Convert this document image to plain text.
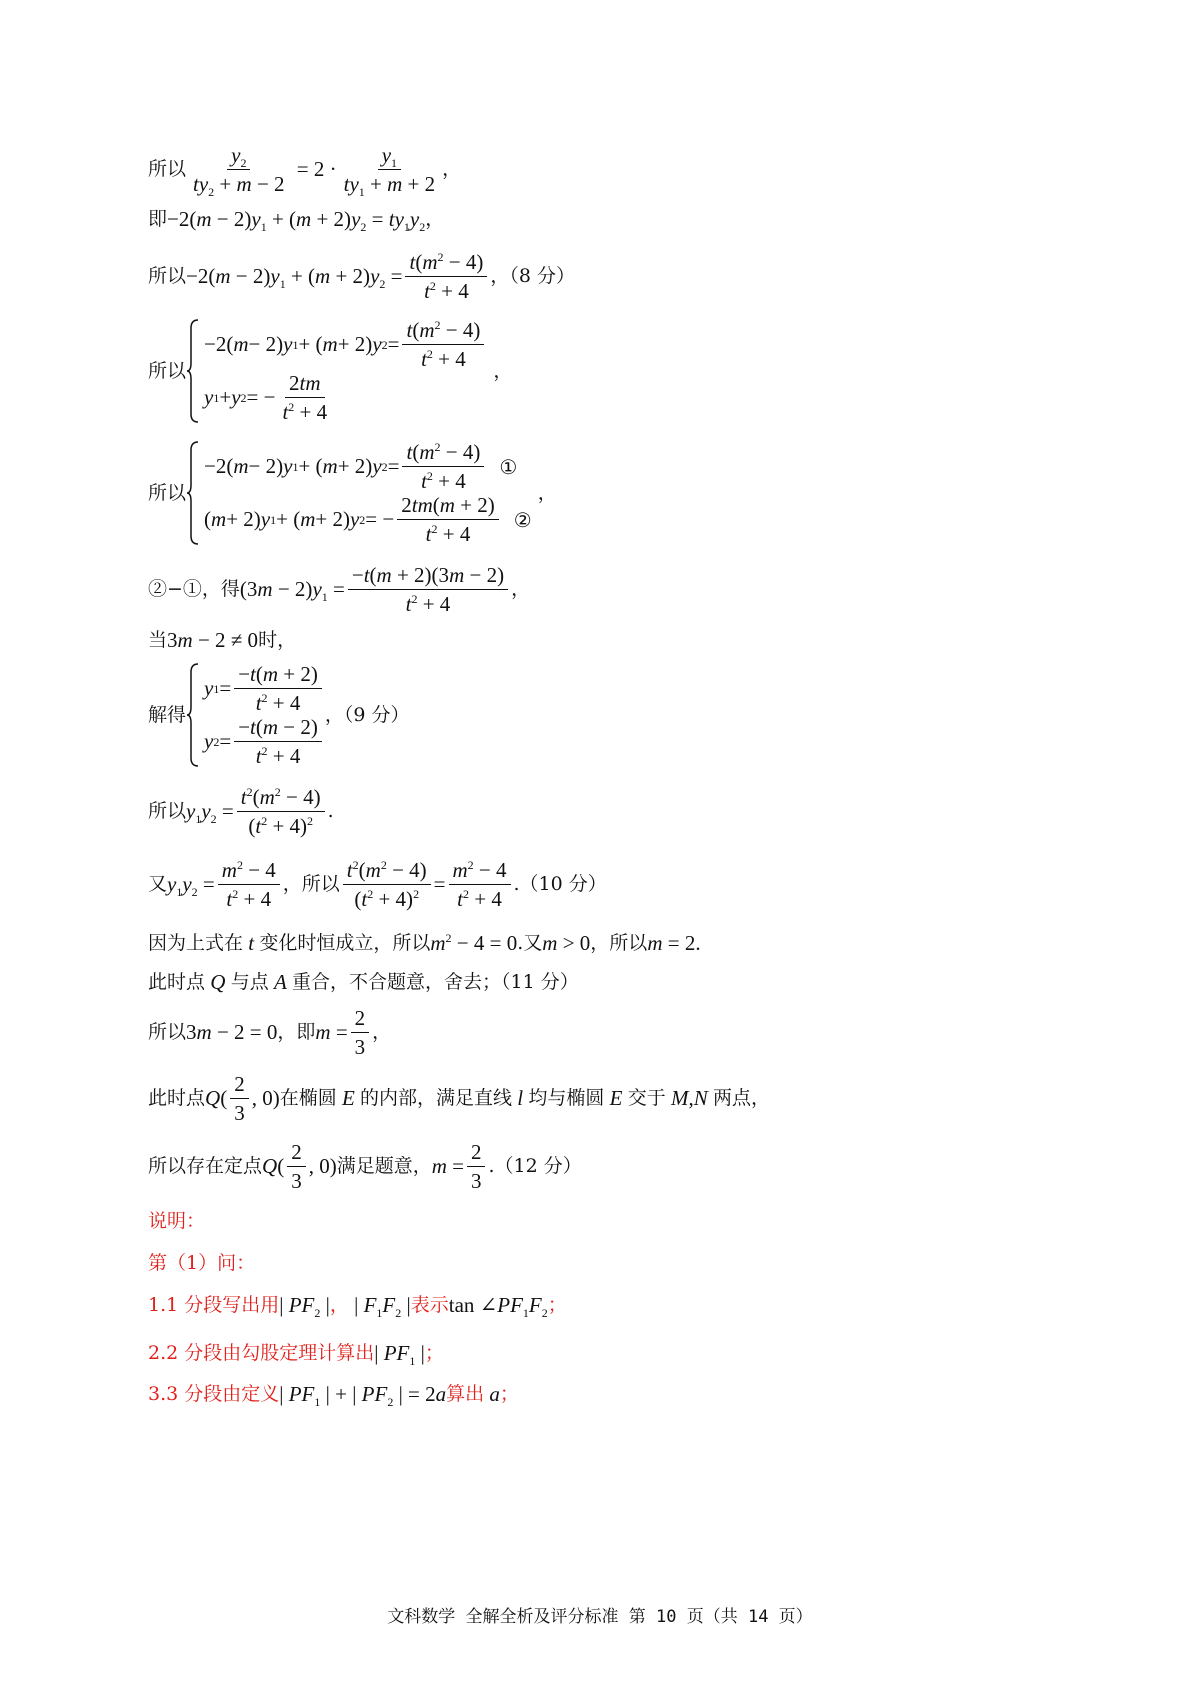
所以 $\frac{y_2}{ty_2 + m - 2} = 2 \cdot \frac{y_1}{ty_1 + m + 2}$ ，
即 $-2(m - 2)y_1 + (m + 2)y_2 = ty_1y_2$ ，
所以 $-2(m - 2)y_1 + (m + 2)y_2 = \frac{t(m^2 - 4)}{t^2 + 4}$ ，（8 分）
所以
−2( m − 2) y 1 + ( m + 2) y $2 = \frac{t(m^2 - 4)}{t^2 + 4}$
y 1 + y 2 = − $\frac{2tm}{t^2 + 4}$
，
所以
−2( m − 2) y 1 + ( m + 2) y $2 = \frac{t(m^2 - 4)}{t^2 + 4}$ ①
( m + 2) y 1 + ( m + 2) y 2 = − $\frac{2tm(m + 2)}{t^2 + 4}$ ②
，
②−①，得 $(3m - 2)y_1 = \frac{-t(m + 2)(3m - 2)}{t^2 + 4}$ ，
当 3m − 2 ≠ 0 时，
解得
y $1 = \frac{-t(m + 2)}{t^2 + 4}$
y $2 = \frac{-t(m - 2)}{t^2 + 4}$
，（9 分）
所以 $y_1y_2 = \frac{t^2(m^2 - 4)}{(t^2 + 4)^2}$ .
又 $y_1y_2 = \frac{m^2 - 4}{t^2 + 4}$ ，所以 $\frac{t^2(m^2 - 4)}{(t^2 + 4)^2} = \frac{m^2 - 4}{t^2 + 4} .(10$ 分）
因为上式在 t 变化时恒成立，所以 $m^2 - 4 = 0$ .又 m > 0 ，所以 m = 2.
此时点 Q 与点 A 重合，不合题意，舍去；（11 分）
所以 3m − 2 = 0 ，即 $m = \frac{2}{3}$ ，
此时点 $Q( \frac{2}{3}$ , 0) 在椭圆 E 的内部，满足直线 l 均与椭圆 E 交于 M,N 两点，
所以存在定点 $Q( \frac{2}{3}$ , 0) 满足题意， $m = \frac{2}{3} .(12$ 分）
说明：
第（1）问：
1.1 分段写出用 | $PF_2$ | ， | $F_1F_2$ | 表示 $\tan \angle PF_1F_2$ ；
2.2 分段由勾股定理计算出 | $PF_1$ | ；
3.3 分段由定义 | $PF_1$ | + | $PF_2$ | = 2a 算出 a ；
文科数学 全解全析及评分标准 第 10 页（共 14 页）
